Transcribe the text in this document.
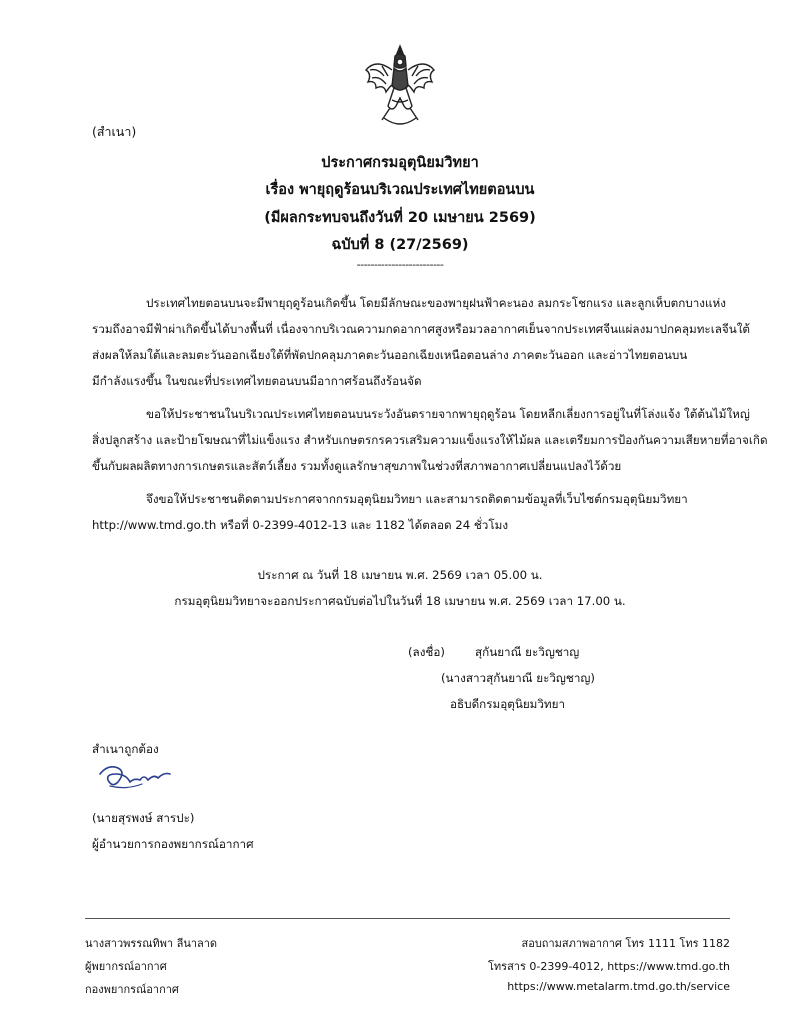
(สำเนา)
ประกาศกรมอุตุนิยมวิทยา
เรื่อง พายุฤดูร้อนบริเวณประเทศไทยตอนบน
(มีผลกระทบจนถึงวันที่ 20 เมษายน 2569)
ฉบับที่ 8 (27/2569)
-------------------------
ประเทศไทยตอนบนจะมีพายุฤดูร้อนเกิดขึ้น โดยมีลักษณะของพายุฝนฟ้าคะนอง ลมกระโชกแรง และลูกเห็บตกบางแห่ง
รวมถึงอาจมีฟ้าผ่าเกิดขึ้นได้บางพื้นที่ เนื่องจากบริเวณความกดอากาศสูงหรือมวลอากาศเย็นจากประเทศจีนแผ่ลงมาปกคลุมทะเลจีนใต้
ส่งผลให้ลมใต้และลมตะวันออกเฉียงใต้ที่พัดปกคลุมภาคตะวันออกเฉียงเหนือตอนล่าง ภาคตะวันออก และอ่าวไทยตอนบน
มีกำลังแรงขึ้น ในขณะที่ประเทศไทยตอนบนมีอากาศร้อนถึงร้อนจัด
ขอให้ประชาชนในบริเวณประเทศไทยตอนบนระวังอันตรายจากพายุฤดูร้อน โดยหลีกเลี่ยงการอยู่ในที่โล่งแจ้ง ใต้ต้นไม้ใหญ่
สิ่งปลูกสร้าง และป้ายโฆษณาที่ไม่แข็งแรง สำหรับเกษตรกรควรเสริมความแข็งแรงให้ไม้ผล และเตรียมการป้องกันความเสียหายที่อาจเกิด
ขึ้นกับผลผลิตทางการเกษตรและสัตว์เลี้ยง รวมทั้งดูแลรักษาสุขภาพในช่วงที่สภาพอากาศเปลี่ยนแปลงไว้ด้วย
จึงขอให้ประชาชนติดตามประกาศจากกรมอุตุนิยมวิทยา และสามารถติดตามข้อมูลที่เว็บไซต์กรมอุตุนิยมวิทยา
http://www.tmd.go.th หรือที่ 0-2399-4012-13 และ 1182 ได้ตลอด 24 ชั่วโมง
ประกาศ ณ วันที่ 18 เมษายน พ.ศ. 2569 เวลา 05.00 น.
กรมอุตุนิยมวิทยาจะออกประกาศฉบับต่อไปในวันที่ 18 เมษายน พ.ศ. 2569 เวลา 17.00 น.
(ลงชื่อ)	สุกันยาณี ยะวิญชาญ
(นางสาวสุกันยาณี ยะวิญชาญ)
อธิบดีกรมอุตุนิยมวิทยา
สำเนาถูกต้อง
(นายสุรพงษ์ สารปะ)
ผู้อำนวยการกองพยากรณ์อากาศ
นางสาวพรรณทิพา ลีนาลาด
ผู้พยากรณ์อากาศ
กองพยากรณ์อากาศ
สอบถามสภาพอากาศ โทร 1111 โทร 1182
โทรสาร 0-2399-4012, https://www.tmd.go.th
https://www.metalarm.tmd.go.th/service
